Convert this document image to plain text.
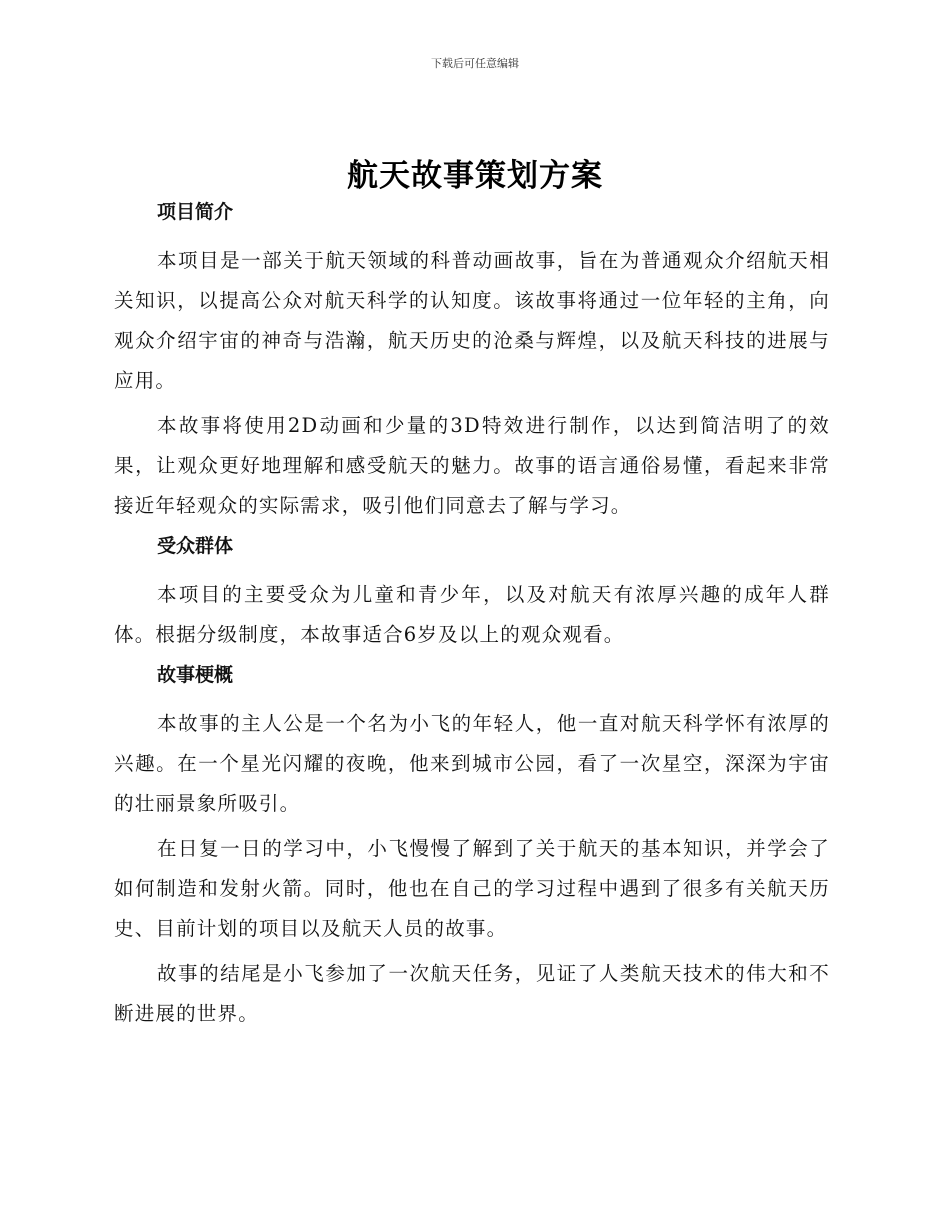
下载后可任意编辑
航天故事策划方案
项目简介

本项目是一部关于航天领域的科普动画故事，旨在为普通观众介绍航天相关知识，以提高公众对航天科学的认知度。该故事将通过一位年轻的主角，向观众介绍宇宙的神奇与浩瀚，航天历史的沧桑与辉煌，以及航天科技的进展与应用。

本故事将使用2D动画和少量的3D特效进行制作，以达到简洁明了的效果，让观众更好地理解和感受航天的魅力。故事的语言通俗易懂，看起来非常接近年轻观众的实际需求，吸引他们同意去了解与学习。

受众群体

本项目的主要受众为儿童和青少年，以及对航天有浓厚兴趣的成年人群体。根据分级制度，本故事适合6岁及以上的观众观看。

故事梗概

本故事的主人公是一个名为小飞的年轻人，他一直对航天科学怀有浓厚的兴趣。在一个星光闪耀的夜晚，他来到城市公园，看了一次星空，深深为宇宙的壮丽景象所吸引。

在日复一日的学习中，小飞慢慢了解到了关于航天的基本知识，并学会了如何制造和发射火箭。同时，他也在自己的学习过程中遇到了很多有关航天历史、目前计划的项目以及航天人员的故事。

故事的结尾是小飞参加了一次航天任务，见证了人类航天技术的伟大和不断进展的世界。
